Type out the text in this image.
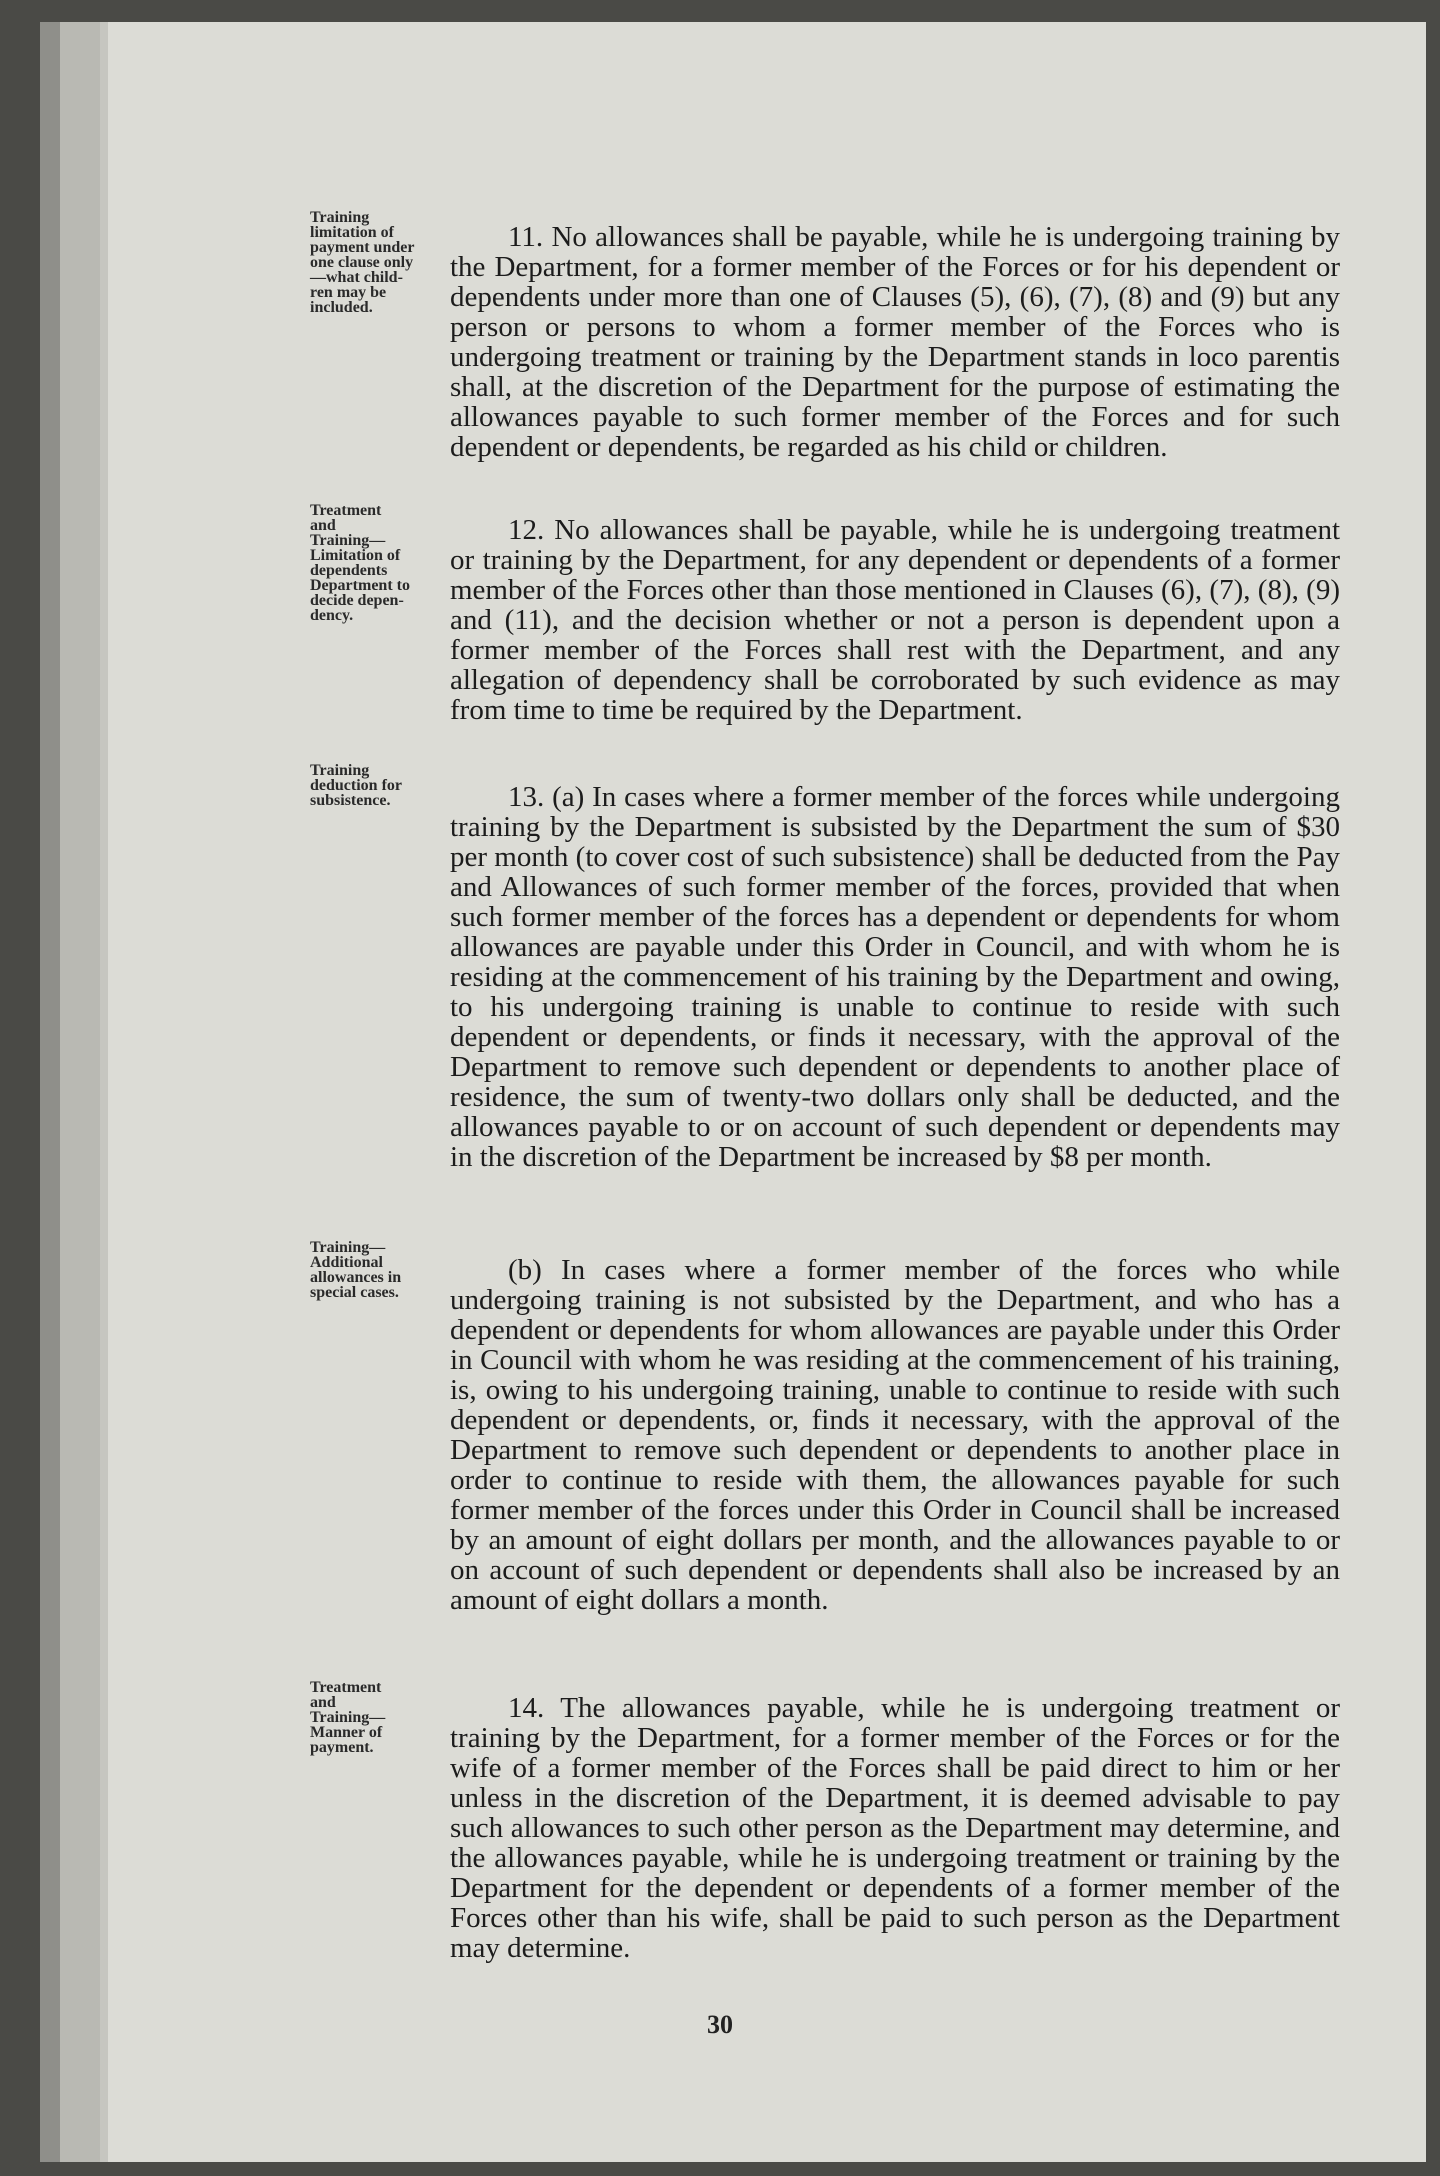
Training
limitation of
payment under
one clause only
—what child-
ren may be
included.
11. No allowances shall be payable, while he is undergoing training by the Department, for a former member of the Forces or for his dependent or dependents under more than one of Clauses (5), (6), (7), (8) and (9) but any person or persons to whom a former member of the Forces who is undergoing treatment or training by the Department stands in loco parentis shall, at the discretion of the Department for the purpose of estimating the allowances payable to such former member of the Forces and for such dependent or dependents, be regarded as his child or children.
Treatment
and
Training—
Limitation of
dependents
Department to
decide depen-
dency.
12. No allowances shall be payable, while he is undergoing treatment or training by the Department, for any dependent or dependents of a former member of the Forces other than those mentioned in Clauses (6), (7), (8), (9) and (11), and the decision whether or not a person is dependent upon a former member of the Forces shall rest with the Department, and any allegation of dependency shall be corroborated by such evidence as may from time to time be required by the Department.
Training
deduction for
subsistence.	13. (a) In cases where a former member of the forces while undergoing training by the Department is subsisted by the Department the sum of $30 per month (to cover cost of such subsistence) shall be deducted from the Pay and Allowances of such former member of the forces, provided that when such former member of the forces has a dependent or dependents for whom allowances are payable under this Order in Council, and with whom he is residing at the commencement of his training by the Department and owing, to his undergoing training is unable to continue to reside with such dependent or dependents, or finds it necessary, with the approval of the Department to remove such dependent or dependents to another place of residence, the sum of twenty-two dollars only shall be deducted, and the allowances payable to or on account of such dependent or dependents may in the discretion of the Department be increased by $8 per month.
Training—
Additional
allowances in
special cases.
(b) In cases where a former member of the forces who while undergoing training is not subsisted by the Department, and who has a dependent or dependents for whom allowances are payable under this Order in Council with whom he was residing at the commencement of his training, is, owing to his undergoing training, unable to continue to reside with such dependent or dependents, or, finds it necessary, with the approval of the Department to remove such dependent or dependents to another place in order to continue to reside with them, the allowances payable for such former member of the forces under this Order in Council shall be increased by an amount of eight dollars per month, and the allowances payable to or on account of such dependent or dependents shall also be increased by an amount of eight dollars a month.
Treatment
and
Training—
Manner of
payment.
14. The allowances payable, while he is undergoing treatment or training by the Department, for a former member of the Forces or for the wife of a former member of the Forces shall be paid direct to him or her unless in the discretion of the Department, it is deemed advisable to pay such allowances to such other person as the Department may determine, and the allowances payable, while he is undergoing treatment or training by the Department for the dependent or dependents of a former member of the Forces other than his wife, shall be paid to such person as the Department may determine.
30
